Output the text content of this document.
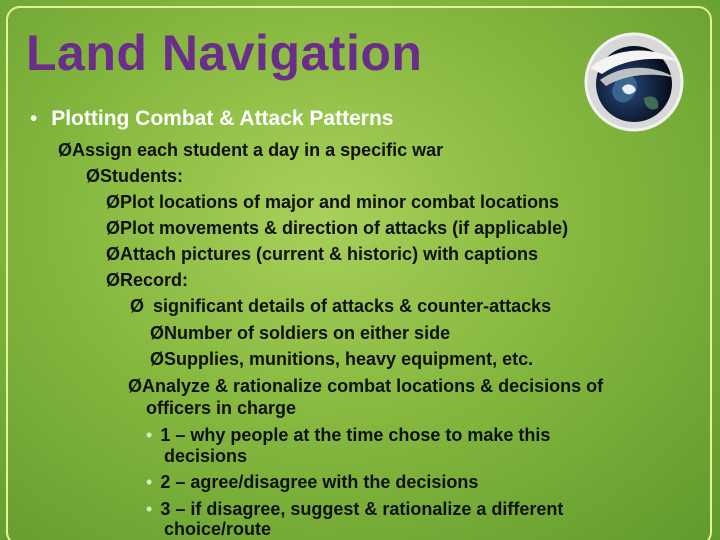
Land Navigation
• Plotting Combat & Attack Patterns
ØAssign each student a day in a specific war
ØStudents:
ØPlot locations of major and minor combat locations
ØPlot movements & direction of attacks (if applicable)
ØAttach pictures (current & historic) with captions
ØRecord:
Ø significant details of attacks & counter-attacks
ØNumber of soldiers on either side
ØSupplies, munitions, heavy equipment, etc.
ØAnalyze & rationalize combat locations & decisions of
officers in charge
• 1 – why people at the time chose to make this
decisions
• 2 – agree/disagree with the decisions
• 3 – if disagree, suggest & rationalize a different
choice/route
